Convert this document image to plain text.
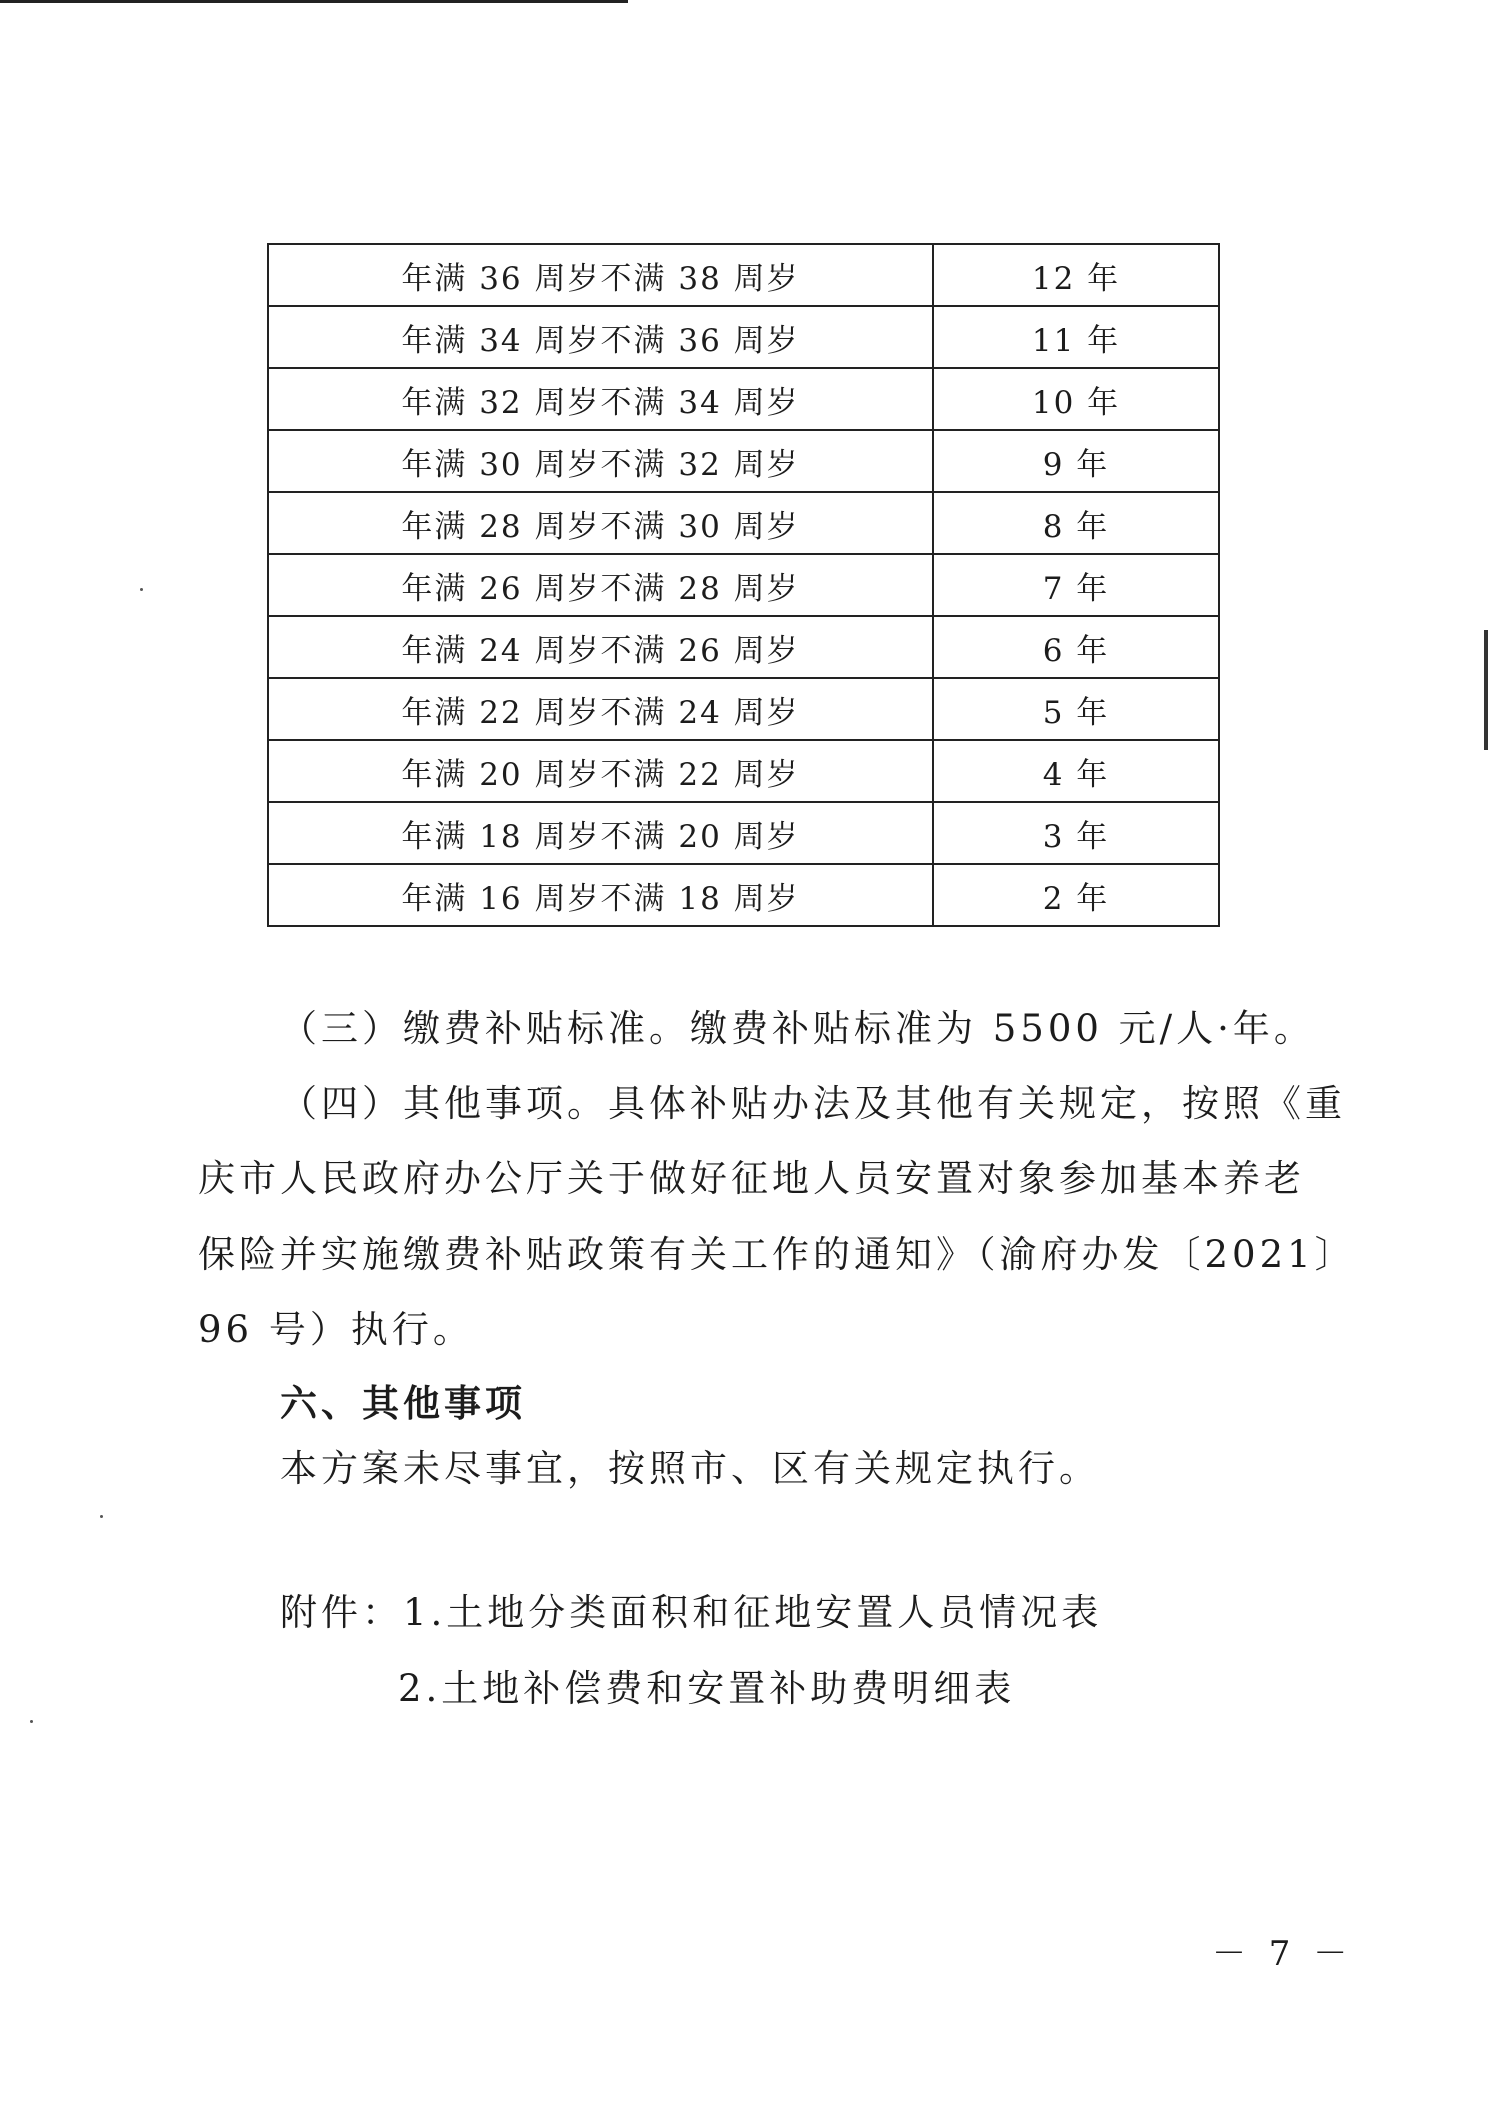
年满 36 周岁不满 38 周岁	12 年
年满 34 周岁不满 36 周岁	11 年
年满 32 周岁不满 34 周岁	10 年
年满 30 周岁不满 32 周岁	9 年
年满 28 周岁不满 30 周岁	8 年
年满 26 周岁不满 28 周岁	7 年
年满 24 周岁不满 26 周岁	6 年
年满 22 周岁不满 24 周岁	5 年
年满 20 周岁不满 22 周岁	4 年
年满 18 周岁不满 20 周岁	3 年
年满 16 周岁不满 18 周岁	2 年
（三）缴费补贴标准。缴费补贴标准为 5500 元/人·年。
（四）其他事项。具体补贴办法及其他有关规定，按照《重
庆市人民政府办公厅关于做好征地人员安置对象参加基本养老
保险并实施缴费补贴政策有关工作的通知》（渝府办发〔2021〕
96 号）执行。
六、其他事项
本方案未尽事宜，按照市、区有关规定执行。
附件：1.土地分类面积和征地安置人员情况表
2.土地补偿费和安置补助费明细表
－ 7 －
